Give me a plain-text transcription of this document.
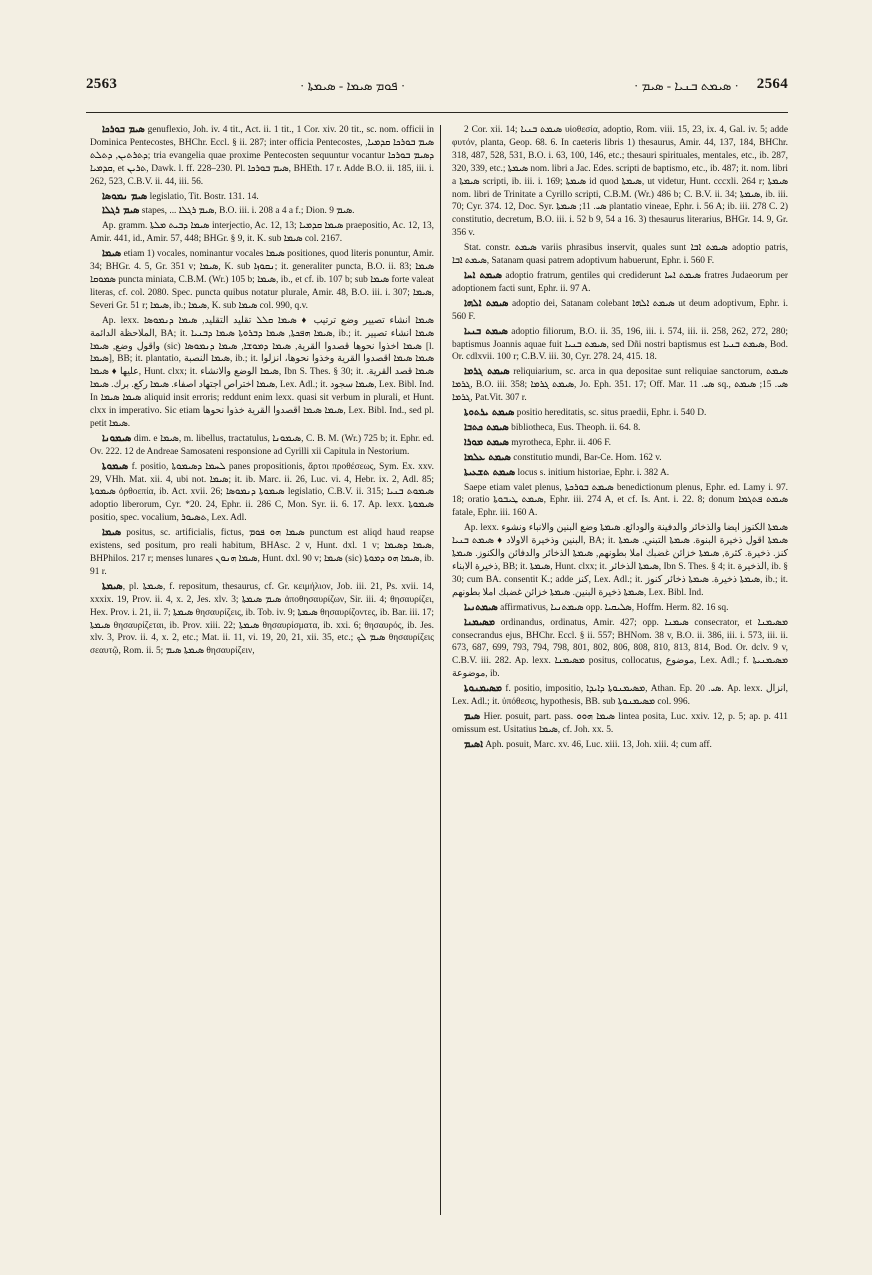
2563	· ܦܘܡ ܣܝܡܐ - ܣܝܡܬܐ ·	· ܣܝܡܬ ܒܢܝܐ - ܣܝܡ · 2564

ܣܝܡ ܒܘܪܟܐ genuflexio, Joh. iv. 4 tit., Act. ii. 1 tit., 1 Cor. xiv. 20 tit., sc. nom. officii in Dominica Pentecostes, BHChr. Eccl. § ii. 287; inter officia Pentecostes, ܣܝܡ ܒܘܪܟܐ ܩܕܡܝܐ, ܕܬܪܬܝܢ, ܕܬܠܬ; tria evangelia quae proxime Pentecosten sequuntur vocantur ܕܣܝܡ ܒܘܪܟܐ ܩܕܡܝܐ, et ܬܪܝܢ, Dawk. l. ff. 228–230. Pl. ܣܝܡ ܒܘܪܟܐ, BHEth. 17 r. Adde B.O. ii. 185, iii. i. 262, 523, C.B.V. ii. 44, iii. 56.

ܣܝܡ ܢܡܘܣܐ legislatio, Tit. Bostr. 131. 14.

ܣܝܡ ܪܓܠܐ stapes, ... ܣܝܡ ܪܓܠܐ, B.O. iii. i. 208 a 4 a f.; Dion. ܣܝܡ 9.

Ap. gramm. ܣܝܡܐ ܕܒܝܬ ܡܠܬܐ interjectio, Ac. 12, 13; ܣܝܡܐ ܩܕܡܝܐ praepositio, Ac. 12, 13, Amir. 441, id., Amir. 57, 448; BHGr. § 9, it. K. sub ܣܝܡܐ col. 2167.

ܣܝܡܐ etiam 1) vocales, nominantur vocales ܣܝܡܐ positiones, quod literis ponuntur, Amir. 34; BHGr. 4. 5, Gr. 351 v; ܣܝܡܐ, K. sub ܢܩܘܙܐ; it. generaliter puncta, B.O. ii. 83; ܣܝܡܐ ܣܡܘܩܐ puncta miniata, C.B.M. (Wr.) 105 b; ܣܝܡܐ, ib., et cf. ib. 107 b; sub ܣܝܡܐ forte valeat literas, cf. col. 2080. Spec. puncta quibus notatur plurale, Amir. 48, B.O. iii. i. 307; ܣܝܡܐ, Severi Gr. 51 r; ܣܝܡܐ, ib.; ܣܝܡܐ, K. sub ܣܝܡܐ col. 990, q.v.

Ap. lexx. ܣܝܡܐ انشاء تصيير وضع ترتيب ♦ ܣܝܡܐ ܩܠܠ تقليد التقليد, ܣܝܡܐ ܕܢܡܘܣܐ الملاحظة الدائمة, BA; it. ܣܝܡܐ ܗܦܟܬܐ, ܣܝܡܐ ܕܒܪܘܬܐ ܣܝܡܐ ܕܒܢܝܐ, ib.; it. ܣܝܡܐ انشاء تصيير واقول وضع, ܣܝܡܐ (sic) ܣܝܡܐ اخذوا نحوها قصدوا القرية, ܣܝܡܐ ܕܡܘܫܐ, ܣܝܡܐ ܕܢܡܘܣܐ [l. ܣܝܡܐ], BB; it. plantatio, ܣܝܡܐ النصبة, ib.; it. ܣܝܡܐ ܣܝܡܐ اقصدوا القرية وخذوا نحوها، انزلوا عليها ♦ ܣܝܡܐ, Hunt. clxx; it. ܣܝܡܐ الوضع والانشاء, Ibn S. Thes. § 30; it. ܣܝܡܐ قصد القرية. ܣܝܡܐ اختراص اجتهاد اصفاء. ܣܝܡܐ ركع. برك. ܣܝܡܐ, Lex. Adl.; it. ܣܝܡܐ سجود, Lex. Bibl. Ind. In ܣܝܡܐ ܣܝܡܐ aliquid insit erroris; reddunt enim lexx. quasi sit verbum in plurali, et Hunt. clxx in imperativo. Sic etiam ܣܝܡܐ ܣܝܡܐ اقصدوا القرية خذوا نحوها, Lex. Bibl. Ind., sed pl. petit ܣܝܡܐ.

ܣܝܡܘܢܐ dim. e ܣܝܡܐ, m. libellus, tractatulus, ܣܝܡܘܢܐ, C. B. M. (Wr.) 725 b; it. Ephr. ed. Ov. 222. 12 de Andreae Samosateni responsione ad Cyrilli xii Capitula in Nestorium.

ܣܝܡܘܬܐ f. positio, ܠܚܡܐ ܕܣܝܡܘܬܐ panes propositionis, ἄρτοι προθέσεως, Sym. Ex. xxv. 29, VHh. Mat. xii. 4, ubi not. ܣܝܡܐ; it. ib. Marc. ii. 26, Luc. vi. 4, Hebr. ix. 2, Adl. 85; ܣܝܡܘܬܐ ὀρθοεπία, ib. Act. xvii. 26; ܣܝܡܘܬܐ ܕܢܡܘܣܐ legislatio, C.B.V. ii. 315; ܣܝܡܘܬ ܒܢܝܐ adoptio liberorum, Cyr. *20. 24, Ephr. ii. 286 C, Mon. Syr. ii. 6. 17. Ap. lexx. ܣܝܡܘܬܐ positio, spec. vocalium, ܬܣܝܘܪ, Lex. Adl.

ܣܝܡܐ positus, sc. artificialis, fictus, ܣܝܡܐ ܗܘ ܦܘܡ punctum est aliqd haud reapse existens, sed positum, pro reali habitum, BHAsc. 2 v, Hunt. dxl. 1 v; ܣܝܡܐ ܕܣܝܡܐ, BHPhilos. 217 r; menses lunares ܣܝܡܐ ܗܢܘܢ, Hunt. dxl. 90 v; ܣܝܡܐ (sic) ܣܝܡܐ ܗܘ ܕܡܘܬܐ, ib. 91 r.

ܣܝܡܬܐ, pl. ܣܝܡܬܐ, f. repositum, thesaurus, cf. Gr. κειμήλιον, Job. iii. 21, Ps. xvii. 14, xxxix. 19, Prov. ii. 4, x. 2, Jes. xlv. 3; ܣܝܡ ܣܝܡܬܐ ἀποθησαυρίζων, Sir. iii. 4; θησαυρίζει, Hex. Prov. i. 21, ii. 7; ܣܝܡܬܐ θησαυρίζεις, ib. Tob. iv. 9; ܣܝܡܬܐ θησαυρίζοντες, ib. Bar. iii. 17; ܣܝܡܬܐ θησαυρίζεται, ib. Prov. xiii. 22; ܣܝܡܬܐ θησαυρίσματα, ib. xxi. 6; θησαυρός, ib. Jes. xlv. 3, Prov. ii. 4, x. 2, etc.; Mat. ii. 11, vi. 19, 20, 21, xii. 35, etc.; ܣܝܡ ܠܟ θησαυρίζεις σεαυτῷ, Rom. ii. 5; ܣܝܡܬܐ ܣܝܡ θησαυρίζειν,

2 Cor. xii. 14; ܣܝܡܬ ܒܢܝܐ υἱοθεσία, adoptio, Rom. viii. 15, 23, ix. 4, Gal. iv. 5; adde φυτόν, planta, Geop. 68. 6. In caeteris libris 1) thesaurus, Amir. 44, 137, 184, BHChr. 318, 487, 528, 531, B.O. i. 63, 100, 146, etc.; thesauri spirituales, mentales, etc., ib. 287, 320, 339, etc.; ܣܝܡܬܐ nom. libri a Jac. Edes. scripti de baptismo, etc., ib. 487; it. nom. libri a ܣܝܡܬܐ scripti, ib. iii. i. 169; ܣܝܡܬܐ id quod ܣܝܡܬܐ, ut videtur, Hunt. cccxli. 264 r; ܣܝܡܬܐ nom. libri de Trinitate a Cyrillo scripti, C.B.M. (Wr.) 486 b; C. B.V. ii. 34; ܣܝܡܬܐ, ib. iii. 70; Cyr. 374. 12, Doc. Syr. ܣܝ. 11; ܣܝܡܬܐ plantatio vineae, Ephr. i. 56 A; ib. iii. 278 C. 2) constitutio, decretum, B.O. iii. i. 52 b 9, 54 a 16. 3) thesaurus literarius, BHGr. 14. 9, Gr. 356 v.

Stat. constr. ܣܝܡܬ variis phrasibus inservit, quales sunt ܣܝܡܬ ܐܒܐ adoptio patris, ܣܝܡܬ ܐܒܐ, Satanam quasi patrem adoptivum habuerunt, Ephr. i. 560 F.

ܣܝܡܬ ܐܚܐ adoptio fratrum, gentiles qui crediderunt ܣܝܡܬ ܐܚܐ fratres Judaeorum per adoptionem facti sunt, Ephr. ii. 97 A.

ܣܝܡܬ ܐܠܗܐ adoptio dei, Satanam colebant ܣܝܡܬ ܐܠܗܐ ut deum adoptivum, Ephr. i. 560 F.

ܣܝܡܬ ܒܢܝܐ adoptio filiorum, B.O. ii. 35, 196, iii. i. 574, iii. ii. 258, 262, 272, 280; baptismus Joannis aquae fuit ܣܝܡܬ ܒܢܝܐ, sed Dñi nostri baptismus est ܣܝܡܬ ܒܢܝܐ, Bod. Or. cdlxvii. 100 r; C.B.V. iii. 30, Cyr. 278. 24, 415. 18.

ܣܝܡܬ ܓܪܡܐ reliquiarium, sc. arca in qua depositae sunt reliquiae sanctorum, ܣܝܡܬ ܓܪܡܐ, B.O. iii. 358; ܣܝܡܬ ܓܪܡܐ, Jo. Eph. 351. 17; Off. Mar. ܣܝ. 11 sq., ܣܝ. 15; ܣܝܡܬ ܓܪܡܐ, Pat.Vit. 307 r.

ܣܝܡܬ ܝܪܬܘܬܐ positio hereditatis, sc. situs praedii, Ephr. i. 540 D.

ܣܝܡܬ ܟܬܒܐ bibliotheca, Eus. Theoph. ii. 64. 8.

ܣܝܡܬ ܡܘܪܐ myrotheca, Ephr. ii. 406 F.

ܣܝܡܬ ܥܠܡܐ constitutio mundi, Bar-Ce. Hom. 162 v.

ܣܝܡܬ ܬܫܥܝܬܐ locus s. initium historiae, Ephr. i. 382 A.

Saepe etiam valet plenus, ܣܝܡܬ ܒܘܪܟܬܐ benedictionum plenus, Ephr. ed. Lamy i. 97. 18; oratio ܣܝܡܬ ܛܝܒܘܬܐ, Ephr. iii. 274 A, et cf. Is. Ant. i. 22. 8; donum ܣܝܡܬ ܦܬܓܡܐ fatale, Ephr. iii. 160 A.

Ap. lexx. ܣܝܡܬܐ الكنوز ايضا والذخائر والدفينة والودائع. ܣܝܡܬܐ وضع البنين والانباء ونشوء البنين وذخيرة الاولاد ♦ ܣܝܡܬ ܒܢܝܐ, BA; it. ܣܝܡܬܐ اقول ذخيرة البنوة. ܣܝܡܬܐ التبني. ܣܝܡܬܐ كنز. ذخيرة. كثرة, ܣܝܡܬܐ خزائن غضبك املا بطونهم, ܣܝܡܬܐ الذخائر والدفائن والكنوز. ܣܝܡܬܐ ذخيرة الابناء, BB; it. ܣܝܡܬܐ, Hunt. clxx; it. ܣܝܡܬܐ الذخائر, Ibn S. Thes. § 4; it. الذخيرة, ib. § 30; cum BA. consentit K.; adde كنز, Lex. Adl.; it. ܣܝܡܬܐ ذخيرة. ܣܝܡܬܐ ذخائر كنوز, ib.; it. ܣܝܡܬܐ ذخيرة البنين. ܣܝܡܬܐ خزائن غضبك املا بطونهم, Lex. Bibl. Ind.

ܣܝܡܬܢܝܐ affirmativus, ܣܝܡܬܢܝܐ opp. ܣܠܝܩܝܐ, Hoffm. Herm. 82. 16 sq.

ܡܣܝܡܢܐ ordinandus, ordinatus, Amir. 427; opp. ܣܝܡܢܐ consecrator, et ܡܣܝܡܢܐ consecrandus ejus, BHChr. Eccl. § ii. 557; BHNom. 38 v, B.O. ii. 386, iii. i. 573, iii. ii. 673, 687, 699, 793, 794, 798, 801, 802, 806, 808, 810, 813, 814, Bod. Or. dclv. 9 v, C.B.V. iii. 282. Ap. lexx. ܡܣܝܡܢܐ positus, collocatus, موضوع, Lex. Adl.; f. ܡܣܝܡܢܝܬܐ موضوعة, ib.

ܡܣܝܡܢܘܬܐ f. positio, impositio, ܡܣܝܡܢܘܬܐ ܕܐܝܕܐ, Athan. Ep. ܣܝ. 20. Ap. lexx. انزال, Lex. Adl.; it. ὑπόθεσις, hypothesis, BB. sub ܡܣܝܡܢܘܬܐ col. 996.

ܣܝܡ Hier. posuit, part. pass. ܣܝܡܐ ܗܘܘ lintea posita, Luc. xxiv. 12, p. 5; ap. p. 411 omissum est. Usitatius ܣܝܡܐ, cf. Joh. xx. 5.

ܐܣܝܡ Aph. posuit, Marc. xv. 46, Luc. xiii. 13, Joh. xiii. 4; cum aff.
